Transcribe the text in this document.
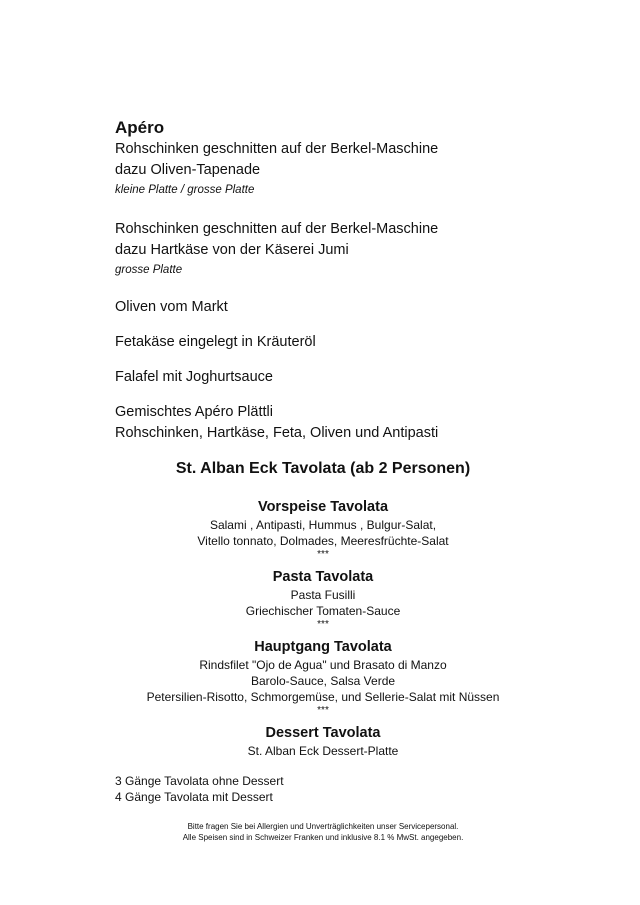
Apéro
Rohschinken geschnitten auf der Berkel-Maschine
dazu Oliven-Tapenade
kleine Platte / grosse Platte
Rohschinken geschnitten auf der Berkel-Maschine
dazu Hartkäse von der Käserei Jumi
grosse Platte
Oliven vom Markt
Fetakäse eingelegt in Kräuteröl
Falafel mit Joghurtsauce
Gemischtes Apéro Plättli
Rohschinken, Hartkäse, Feta, Oliven und Antipasti
St. Alban Eck Tavolata (ab 2 Personen)
Vorspeise Tavolata
Salami , Antipasti, Hummus , Bulgur-Salat,
Vitello tonnato, Dolmades, Meeresfrüchte-Salat
***
Pasta Tavolata
Pasta Fusilli
Griechischer Tomaten-Sauce
***
Hauptgang Tavolata
Rindsfilet "Ojo de Agua" und Brasato di Manzo
Barolo-Sauce, Salsa Verde
Petersilien-Risotto, Schmorgemüse, und Sellerie-Salat mit Nüssen
***
Dessert Tavolata
St. Alban Eck Dessert-Platte
3 Gänge Tavolata ohne Dessert
4 Gänge Tavolata mit Dessert
Bitte fragen Sie bei Allergien und Unverträglichkeiten unser Servicepersonal.
Alle Speisen sind in Schweizer Franken und inklusive 8.1 % MwSt. angegeben.
